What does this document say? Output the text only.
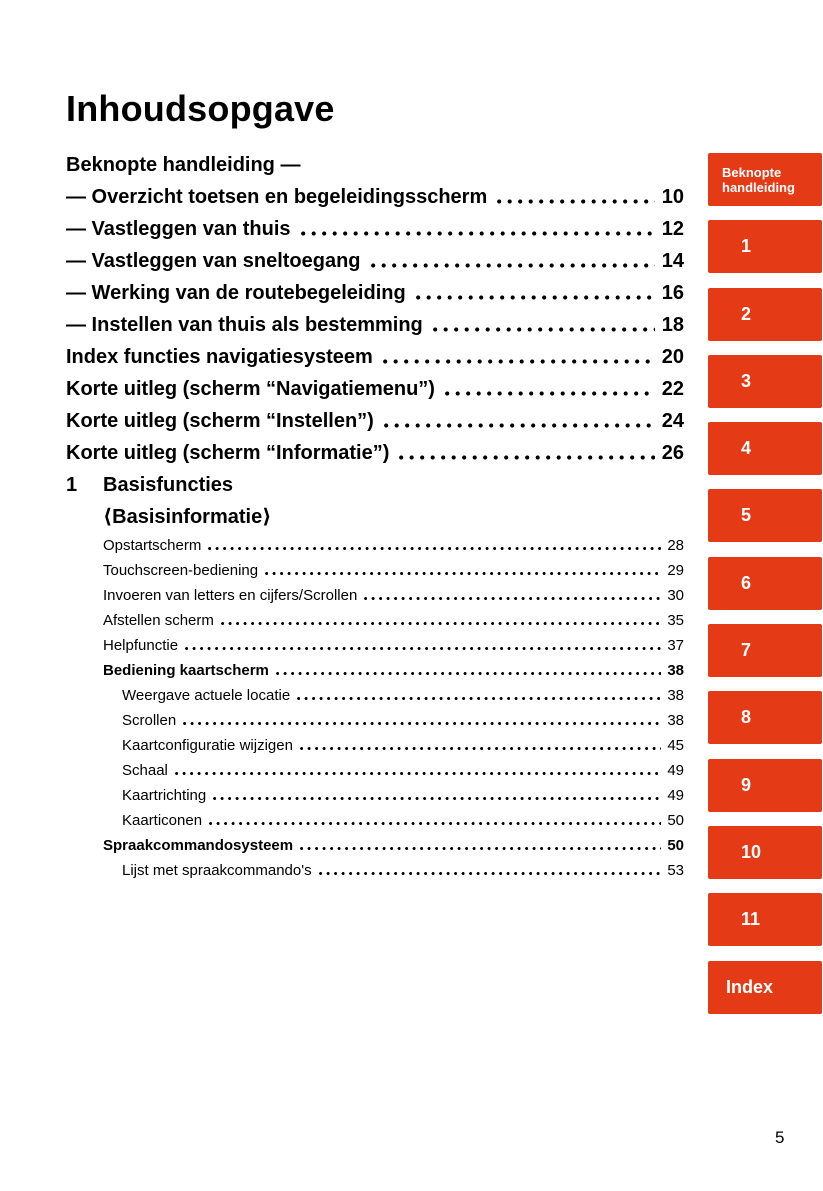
Inhoudsopgave
Beknopte handleiding —
— Overzicht toetsen en begeleidingsscherm	10
— Vastleggen van thuis	12
— Vastleggen van sneltoegang	14
— Werking van de routebegeleiding	16
— Instellen van thuis als bestemming	18
Index functies navigatiesysteem	20
Korte uitleg (scherm “Navigatiemenu”)	22
Korte uitleg (scherm “Instellen”)	24
Korte uitleg (scherm “Informatie”)	26
1	Basisfuncties
⟨Basisinformatie⟩
Opstartscherm	28
Touchscreen-bediening	29
Invoeren van letters en cijfers/Scrollen	30
Afstellen scherm	35
Helpfunctie	37
Bediening kaartscherm	38
Weergave actuele locatie	38
Scrollen	38
Kaartconfiguratie wijzigen	45
Schaal	49
Kaartrichting	49
Kaarticonen	50
Spraakcommandosysteem	50
Lijst met spraakcommando's	53
Beknopte handleiding
1
2
3
4
5
6
7
8
9
10
11
Index
5
